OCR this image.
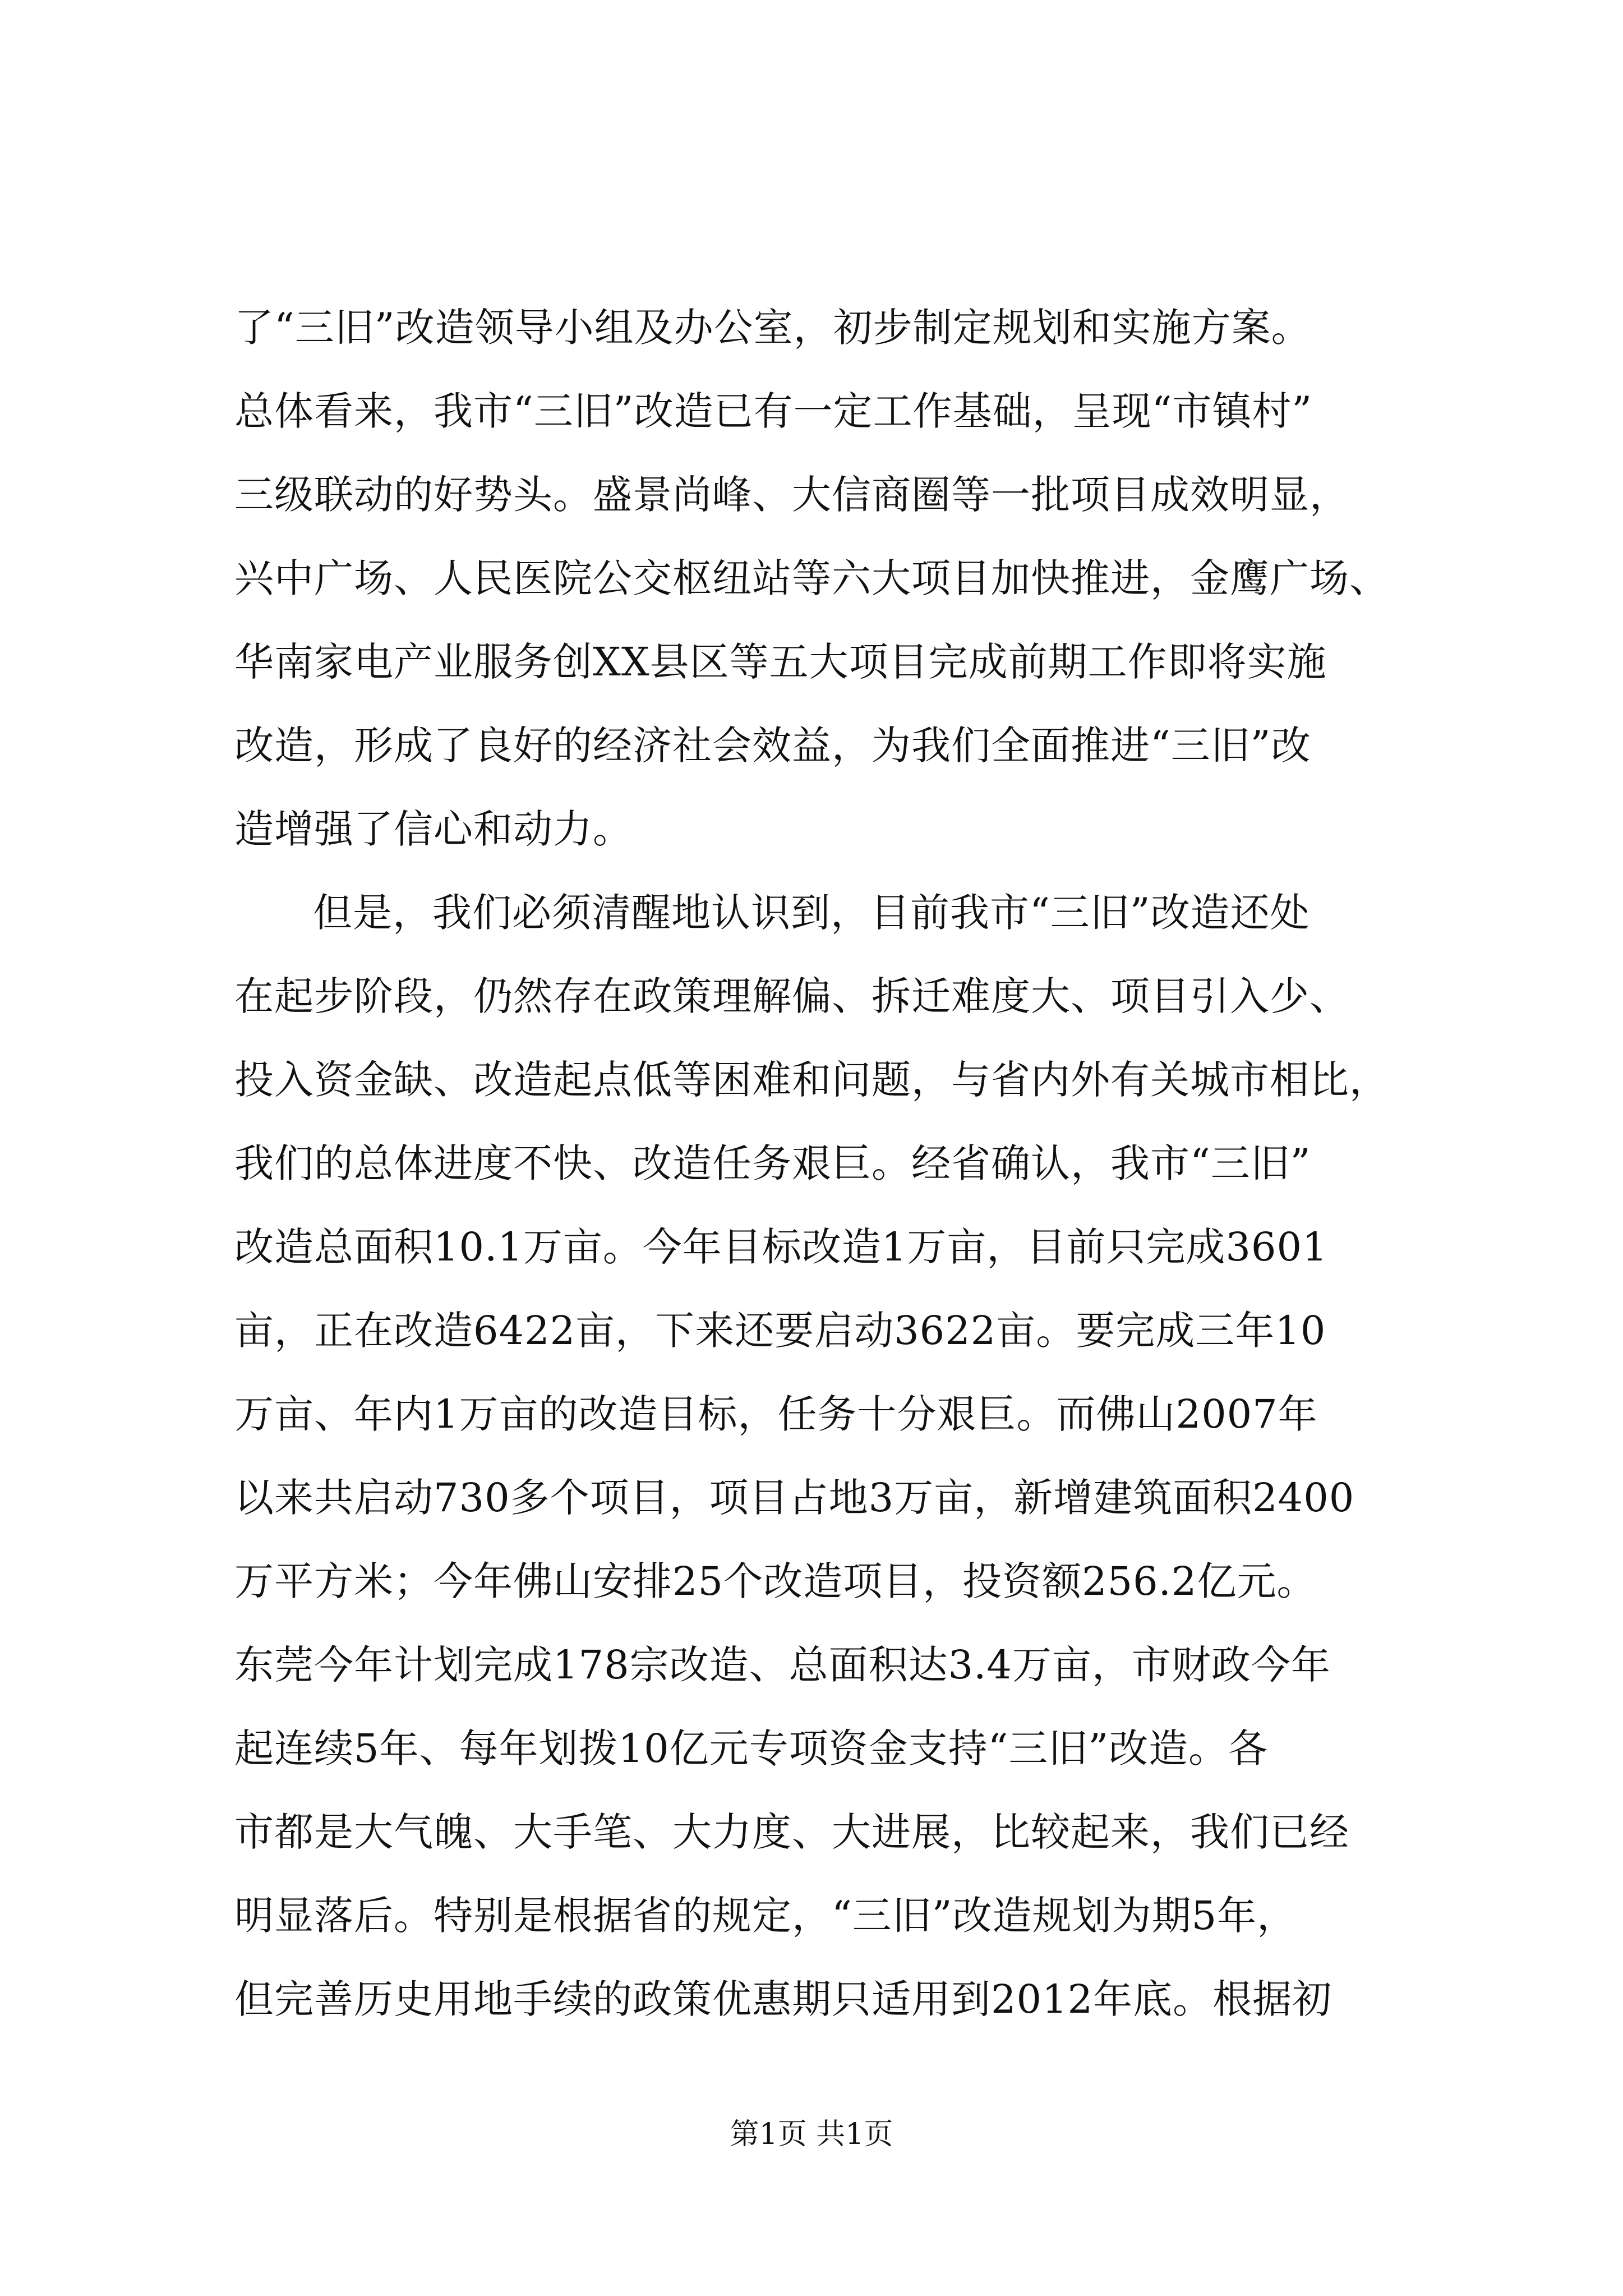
了“三旧”改造领导小组及办公室，初步制定规划和实施方案。
总体看来，我市“三旧”改造已有一定工作基础，呈现“市镇村”
三级联动的好势头。盛景尚峰、大信商圈等一批项目成效明显，
兴中广场、人民医院公交枢纽站等六大项目加快推进，金鹰广场、
华南家电产业服务创XX县区等五大项目完成前期工作即将实施
改造，形成了良好的经济社会效益，为我们全面推进“三旧”改
造增强了信心和动力。
但是，我们必须清醒地认识到，目前我市“三旧”改造还处
在起步阶段，仍然存在政策理解偏、拆迁难度大、项目引入少、
投入资金缺、改造起点低等困难和问题，与省内外有关城市相比，
我们的总体进度不快、改造任务艰巨。经省确认，我市“三旧”
改造总面积10.1万亩。今年目标改造1万亩，目前只完成3601
亩，正在改造6422亩，下来还要启动3622亩。要完成三年10
万亩、年内1万亩的改造目标，任务十分艰巨。而佛山2007年
以来共启动730多个项目，项目占地3万亩，新增建筑面积2400
万平方米；今年佛山安排25个改造项目，投资额256.2亿元。
东莞今年计划完成178宗改造、总面积达3.4万亩，市财政今年
起连续5年、每年划拨10亿元专项资金支持“三旧”改造。各
市都是大气魄、大手笔、大力度、大进展，比较起来，我们已经
明显落后。特别是根据省的规定，“三旧”改造规划为期5年，
但完善历史用地手续的政策优惠期只适用到2012年底。根据初
第1页 共1页
